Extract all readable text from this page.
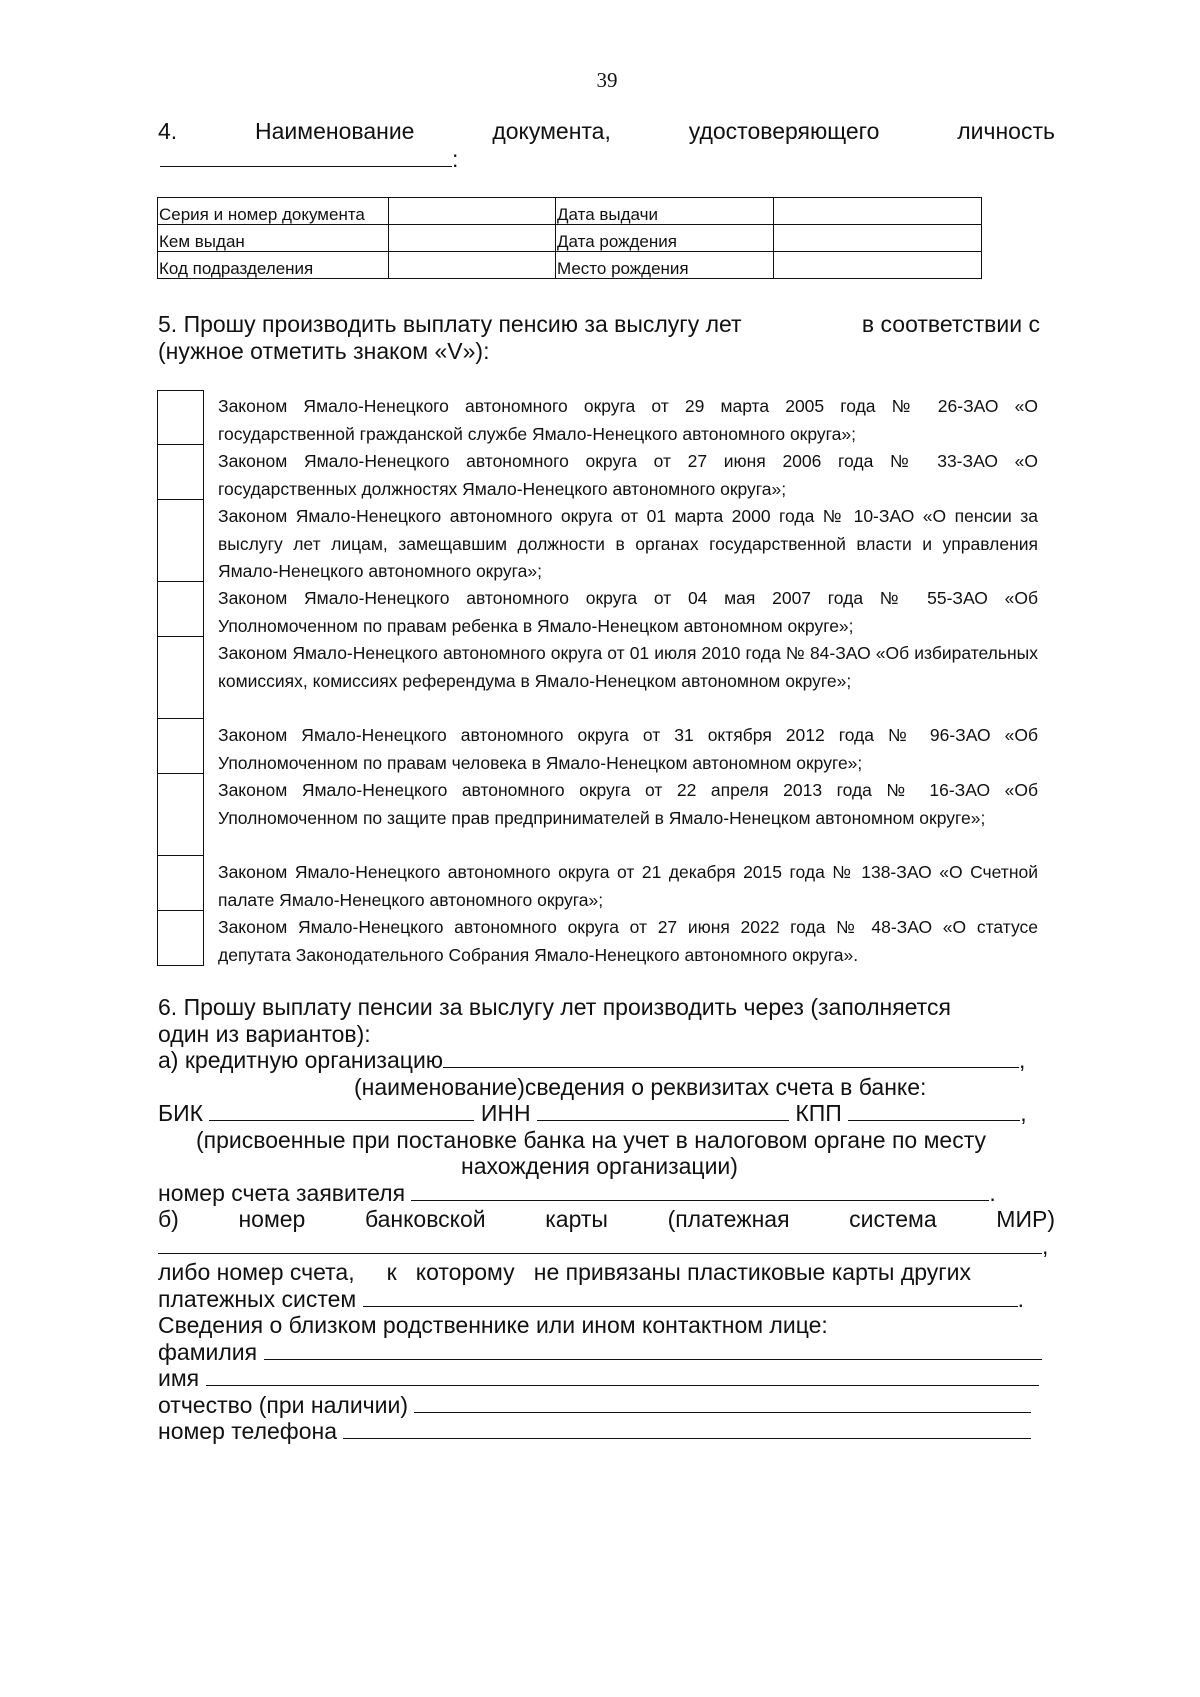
39
4.	Наименование	документа,	удостоверяющего	личность
:
Серия и номер документа		Дата выдачи	
Кем выдан		Дата рождения	
Код подразделения		Место рождения	
5. Прошу производить выплату пенсию за выслугу лет	в соответствии с
(нужное отметить знаком «V»):
Законом Ямало-Ненецкого автономного округа от 29 марта 2005 года № 26-ЗАО «О государственной гражданской службе Ямало-Ненецкого автономного округа»;
Законом Ямало-Ненецкого автономного округа от 27 июня 2006 года № 33-ЗАО «О государственных должностях Ямало-Ненецкого автономного округа»;
Законом Ямало-Ненецкого автономного округа от 01 марта 2000 года № 10-ЗАО «О пенсии за выслугу лет лицам, замещавшим должности в органах государственной власти и управления Ямало-Ненецкого автономного округа»;
Законом Ямало-Ненецкого автономного округа от 04 мая 2007 года № 55-ЗАО «Об Уполномоченном по правам ребенка в Ямало-Ненецком автономном округе»;
Законом Ямало-Ненецкого автономного округа от 01 июля 2010 года № 84-ЗАО «Об избирательных комиссиях, комиссиях референдума в Ямало-Ненецком автономном округе»;
Законом Ямало-Ненецкого автономного округа от 31 октября 2012 года № 96-ЗАО «Об Уполномоченном по правам человека в Ямало-Ненецком автономном округе»;
Законом Ямало-Ненецкого автономного округа от 22 апреля 2013 года № 16-ЗАО «Об Уполномоченном по защите прав предпринимателей в Ямало-Ненецком автономном округе»;
Законом Ямало-Ненецкого автономного округа от 21 декабря 2015 года № 138-ЗАО «О Счетной палате Ямало-Ненецкого автономного округа»;
Законом Ямало-Ненецкого автономного округа от 27 июня 2022 года № 48-ЗАО «О статусе депутата Законодательного Собрания Ямало-Ненецкого автономного округа».
6. Прошу выплату пенсии за выслугу лет производить через (заполняется
один из вариантов):
а) кредитную организацию	,
(наименование)сведения о реквизитах счета в банке:
БИК	ИНН	КПП	,
(присвоенные при постановке банка на учет в налоговом органе по месту
нахождения организации)
номер счета заявителя	.
б)	номер	банковской	карты	(платежная	система	МИР)
,
либо номер счета,     к   которому   не привязаны пластиковые карты других
платежных систем	.
Сведения о близком родственнике или ином контактном лице:
фамилия
имя
отчество (при наличии)
номер телефона
